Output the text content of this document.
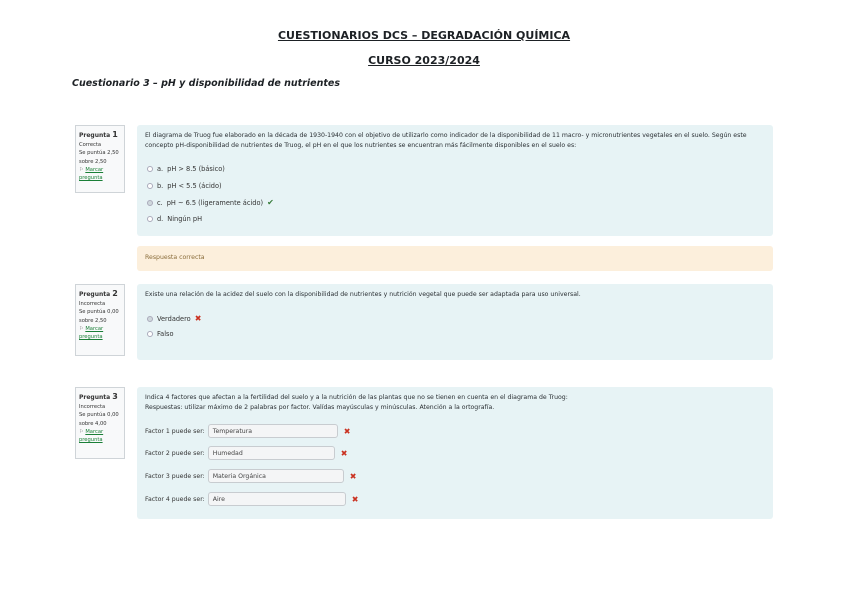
CUESTIONARIOS DCS – DEGRADACIÓN QUÍMICA
CURSO 2023/2024
Cuestionario 3 – pH y disponibilidad de nutrientes
Pregunta 1
Correcta
Se puntúa 2,50 sobre 2,50
⚐ Marcar pregunta
El diagrama de Truog fue elaborado en la década de 1930-1940 con el objetivo de utilizarlo como indicador de la disponibilidad de 11 macro- y micronutrientes vegetales en el suelo. Según este concepto pH-disponibilidad de nutrientes de Truog, el pH en el que los nutrientes se encuentran más fácilmente disponibles en el suelo es:
a. pH > 8.5 (básico)
b. pH < 5.5 (ácido)
c. pH ~ 6.5 (ligeramente ácido) ✔
d. Ningún pH
Respuesta correcta
Pregunta 2
Incorrecta
Se puntúa 0,00 sobre 2,50
⚐ Marcar pregunta
Existe una relación de la acidez del suelo con la disponibilidad de nutrientes y nutrición vegetal que puede ser adaptada para uso universal.
Verdadero ✖
Falso
Pregunta 3
Incorrecta
Se puntúa 0,00 sobre 4,00
⚐ Marcar pregunta
Indica 4 factores que afectan a la fertilidad del suelo y a la nutrición de las plantas que no se tienen en cuenta en el diagrama de Truog:
Respuestas: utilizar máximo de 2 palabras por factor. Valídas mayúsculas y minúsculas. Atención a la ortografía.
Factor 1 puede ser:	Temperatura	✖
Factor 2 puede ser:	Humedad	✖
Factor 3 puede ser:	Materia Orgánica	✖
Factor 4 puede ser:	Aire	✖
